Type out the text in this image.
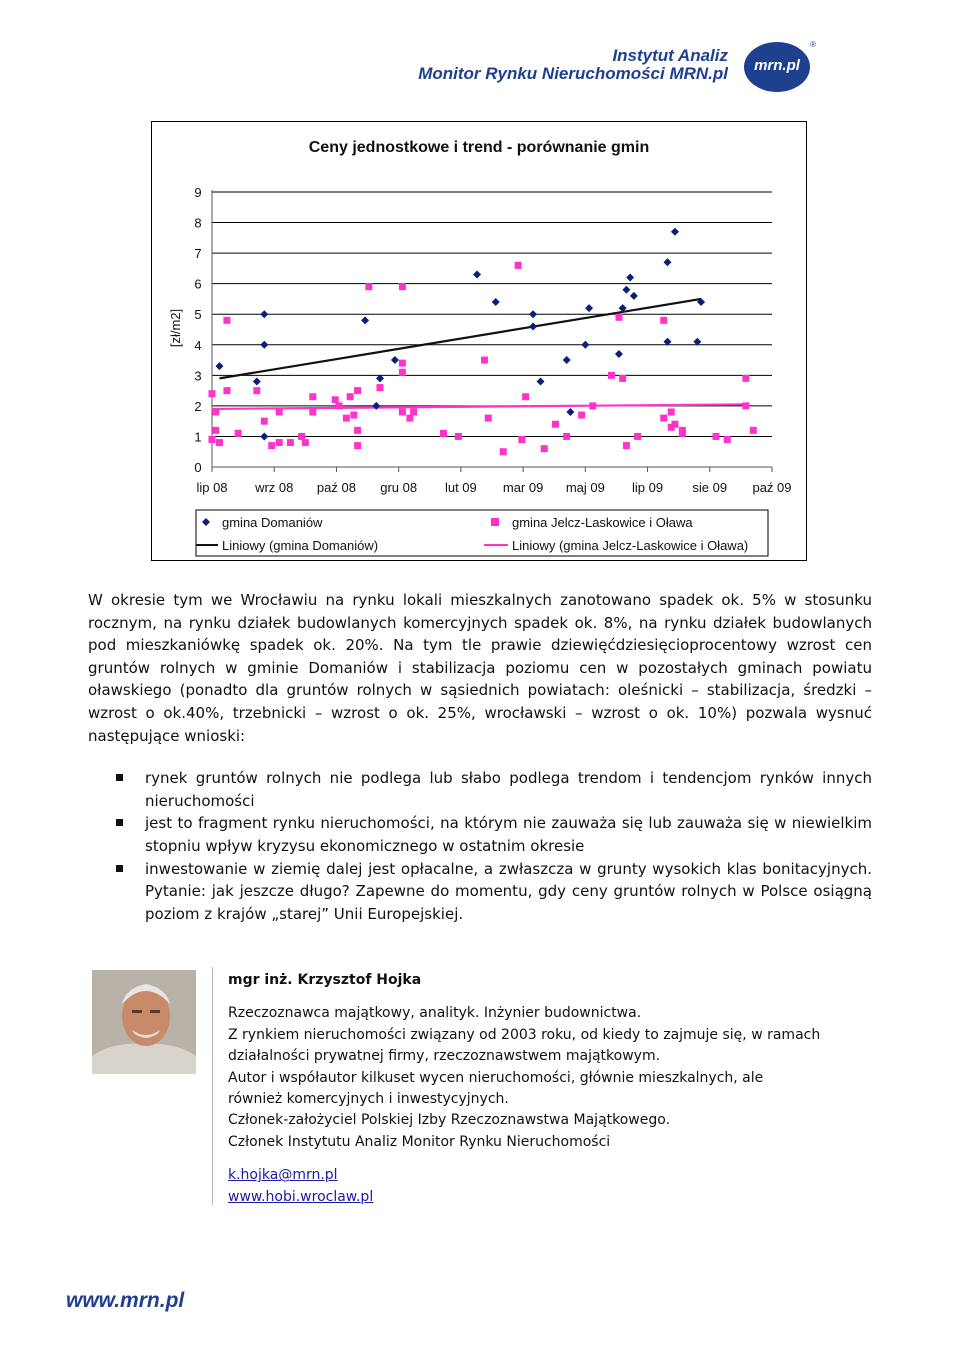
Instytut Analiz
Monitor Rynku Nieruchomości MRN.pl	mrn.pl
®
Ceny jednostkowe i trend - porównanie gmin
[zł/m2]
0
1
2
3
4
5
6
7
8
9
lip 08 wrz 08 paź 08 gru 08 lut 09 mar 09 maj 09 lip 09 sie 09 paź 09
gmina Domaniów	gmina Jelcz-Laskowice i Oława
Liniowy (gmina Domaniów)	Liniowy (gmina Jelcz-Laskowice i Oława)

W okresie tym we Wrocławiu na rynku lokali mieszkalnych zanotowano spadek ok. 5% w stosunku rocznym, na rynku działek budowlanych komercyjnych spadek ok. 8%, na rynku działek budowlanych pod mieszkaniówkę spadek ok. 20%. Na tym tle prawie dziewięćdziesięcioprocentowy wzrost cen gruntów rolnych w gminie Domaniów i stabilizacja poziomu cen w pozostałych gminach powiatu oławskiego (ponadto dla gruntów rolnych w sąsiednich powiatach: oleśnicki – stabilizacja, średzki – wzrost o ok.40%, trzebnicki – wzrost o ok. 25%, wrocławski – wzrost o ok. 10%) pozwala wysnuć następujące wnioski:

rynek gruntów rolnych nie podlega lub słabo podlega trendom i tendencjom rynków innych nieruchomości
jest to fragment rynku nieruchomości, na którym nie zauważa się lub zauważa się w niewielkim stopniu wpływ kryzysu ekonomicznego w ostatnim okresie
inwestowanie w ziemię dalej jest opłacalne, a zwłaszcza w grunty wysokich klas bonitacyjnych. Pytanie: jak jeszcze długo? Zapewne do momentu, gdy ceny gruntów rolnych w Polsce osiągną poziom z krajów „starej” Unii Europejskiej.
mgr inż. Krzysztof Hojka
Rzeczoznawca majątkowy, analityk. Inżynier budownictwa.
Z rynkiem nieruchomości związany od 2003 roku, od kiedy to zajmuje się, w ramach
działalności prywatnej firmy, rzeczoznawstwem majątkowym.
Autor i współautor kilkuset wycen nieruchomości, głównie mieszkalnych, ale
również komercyjnych i inwestycyjnych.
Członek-założyciel Polskiej Izby Rzeczoznawstwa Majątkowego.
Członek Instytutu Analiz Monitor Rynku Nieruchomości
k.hojka@mrn.pl
www.hobi.wroclaw.pl
www.mrn.pl
